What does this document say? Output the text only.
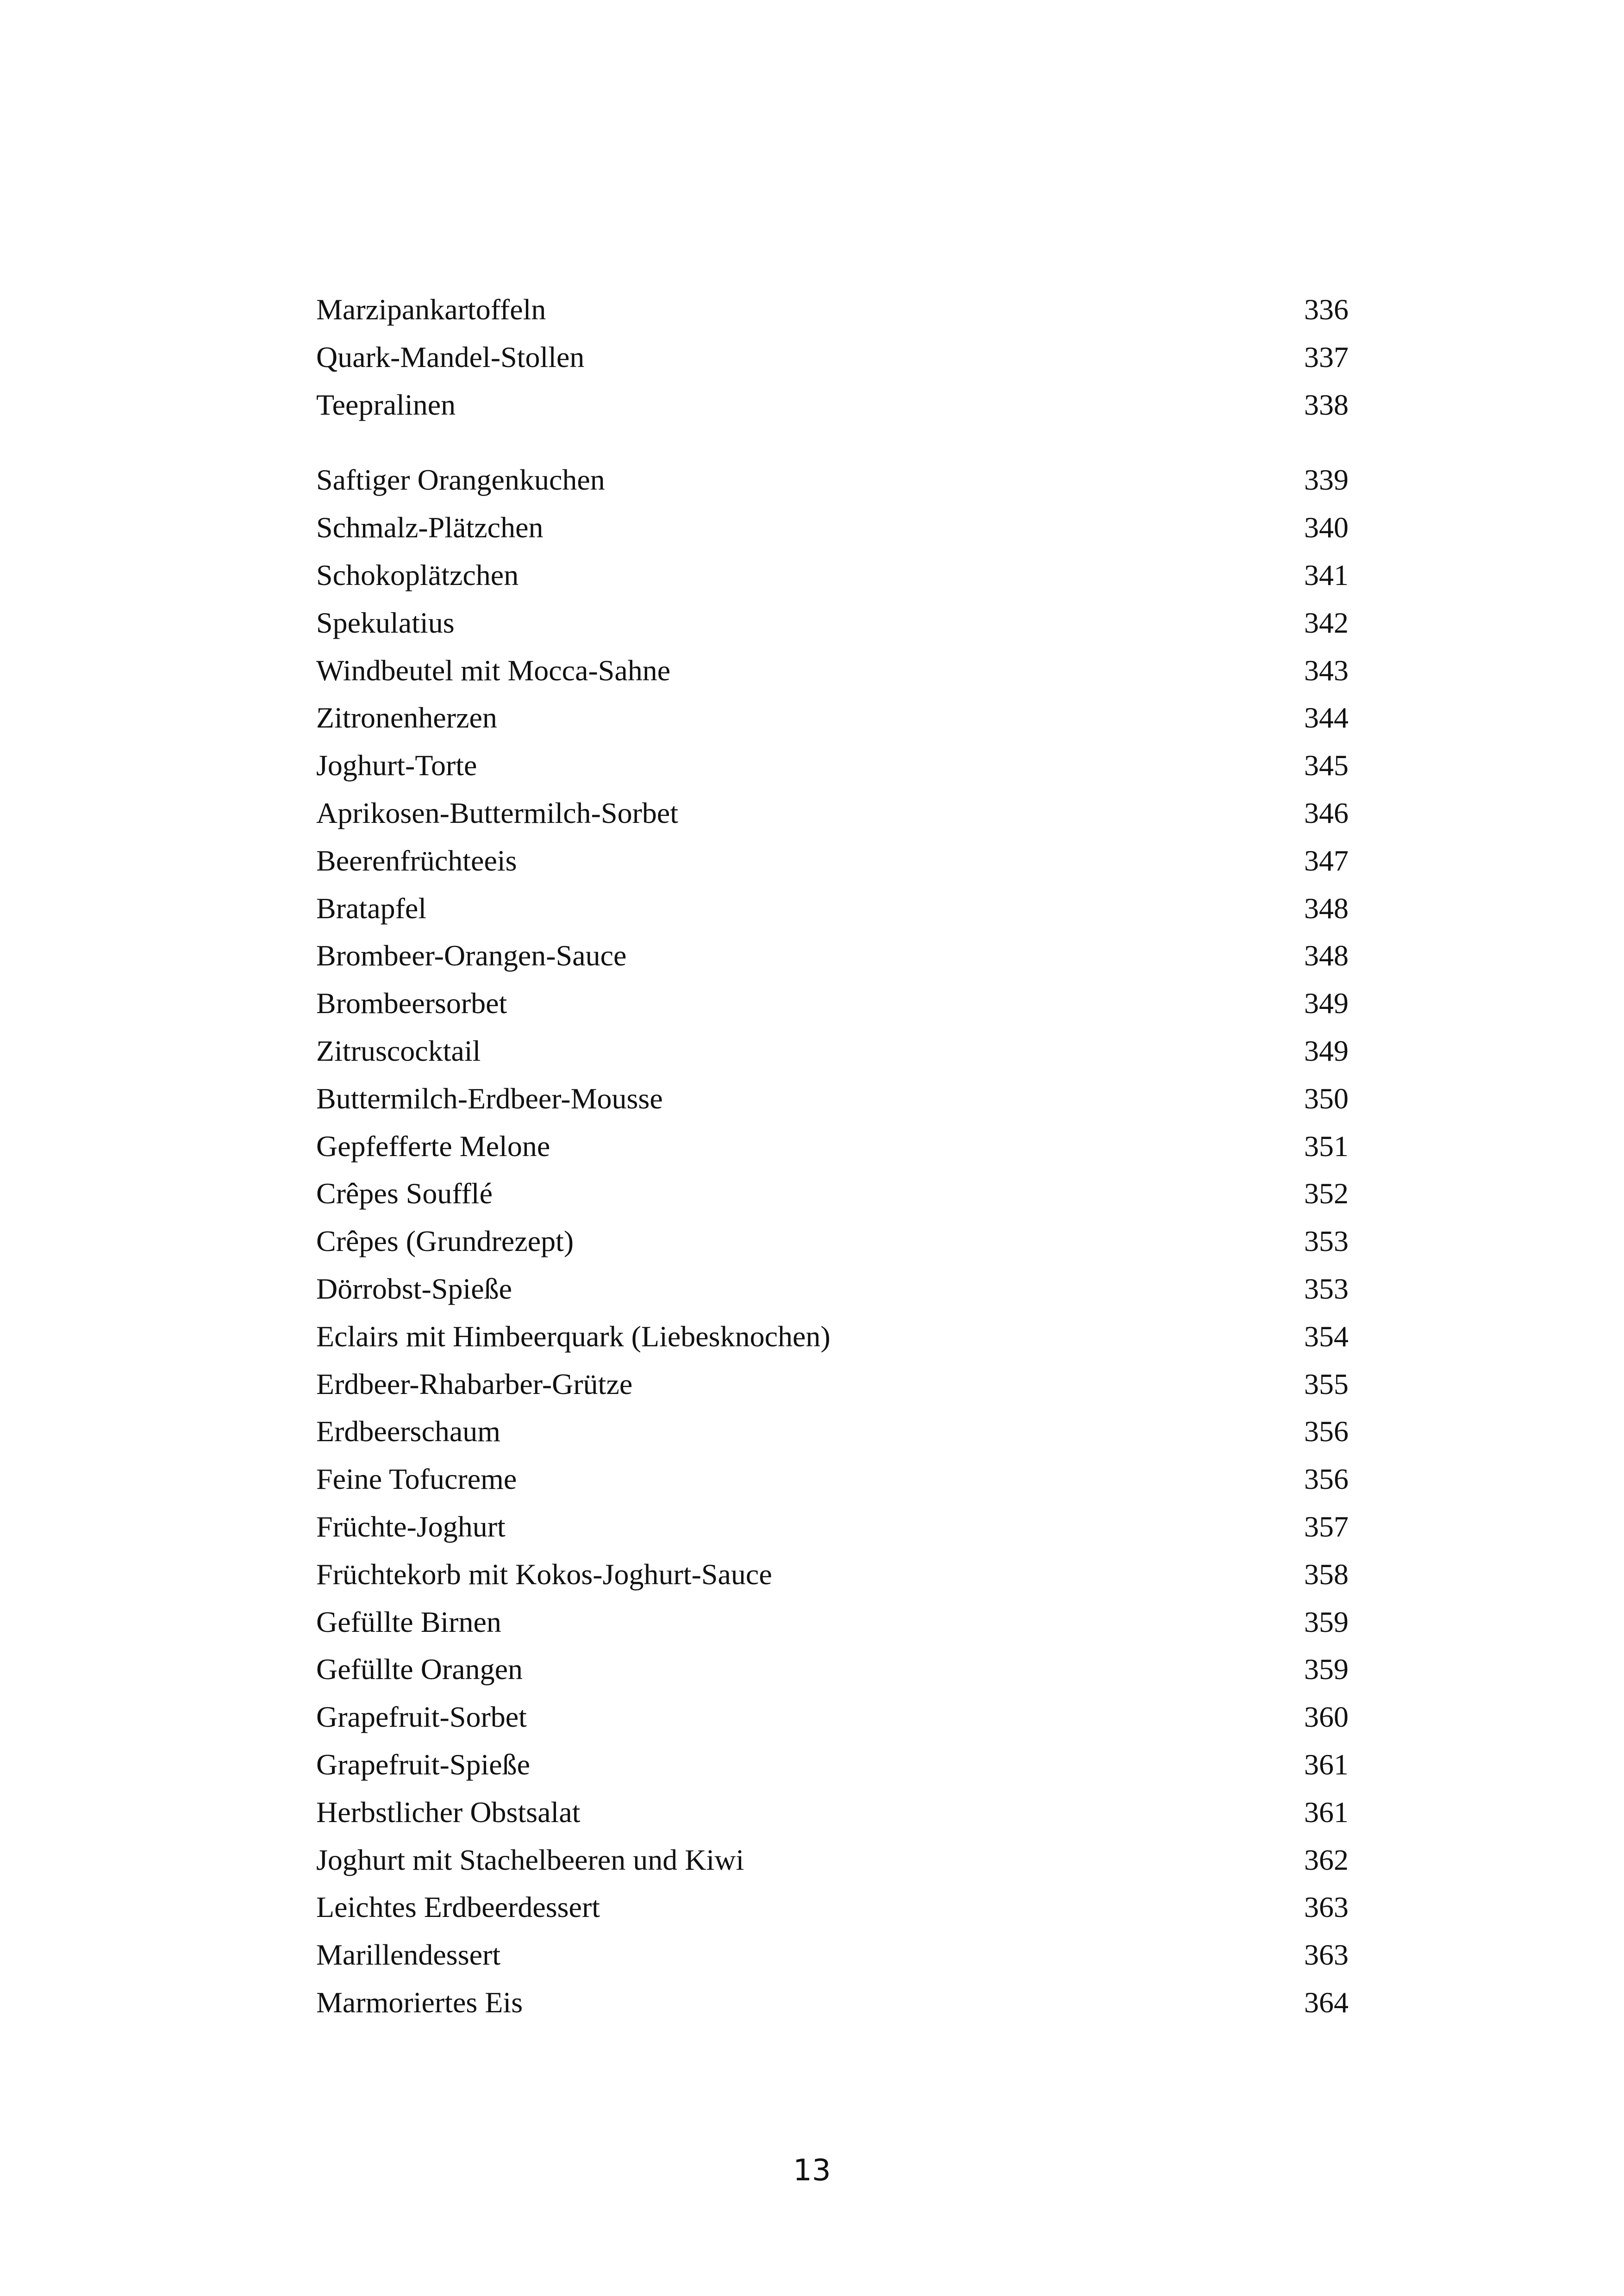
Marzipankartoffeln	336
Quark-Mandel-Stollen	337
Teepralinen	338
Saftiger Orangenkuchen	339
Schmalz-Plätzchen	340
Schokoplätzchen	341
Spekulatius	342
Windbeutel mit Mocca-Sahne	343
Zitronenherzen	344
Joghurt-Torte	345
Aprikosen-Buttermilch-Sorbet	346
Beerenfrüchteeis	347
Bratapfel	348
Brombeer-Orangen-Sauce	348
Brombeersorbet	349
Zitruscocktail	349
Buttermilch-Erdbeer-Mousse	350
Gepfefferte Melone	351
Crêpes Soufflé	352
Crêpes (Grundrezept)	353
Dörrobst-Spieße	353
Eclairs mit Himbeerquark (Liebesknochen)	354
Erdbeer-Rhabarber-Grütze	355
Erdbeerschaum	356
Feine Tofucreme	356
Früchte-Joghurt	357
Früchtekorb mit Kokos-Joghurt-Sauce	358
Gefüllte Birnen	359
Gefüllte Orangen	359
Grapefruit-Sorbet	360
Grapefruit-Spieße	361
Herbstlicher Obstsalat	361
Joghurt mit Stachelbeeren und Kiwi	362
Leichtes Erdbeerdessert	363
Marillendessert	363
Marmoriertes Eis	364
13
